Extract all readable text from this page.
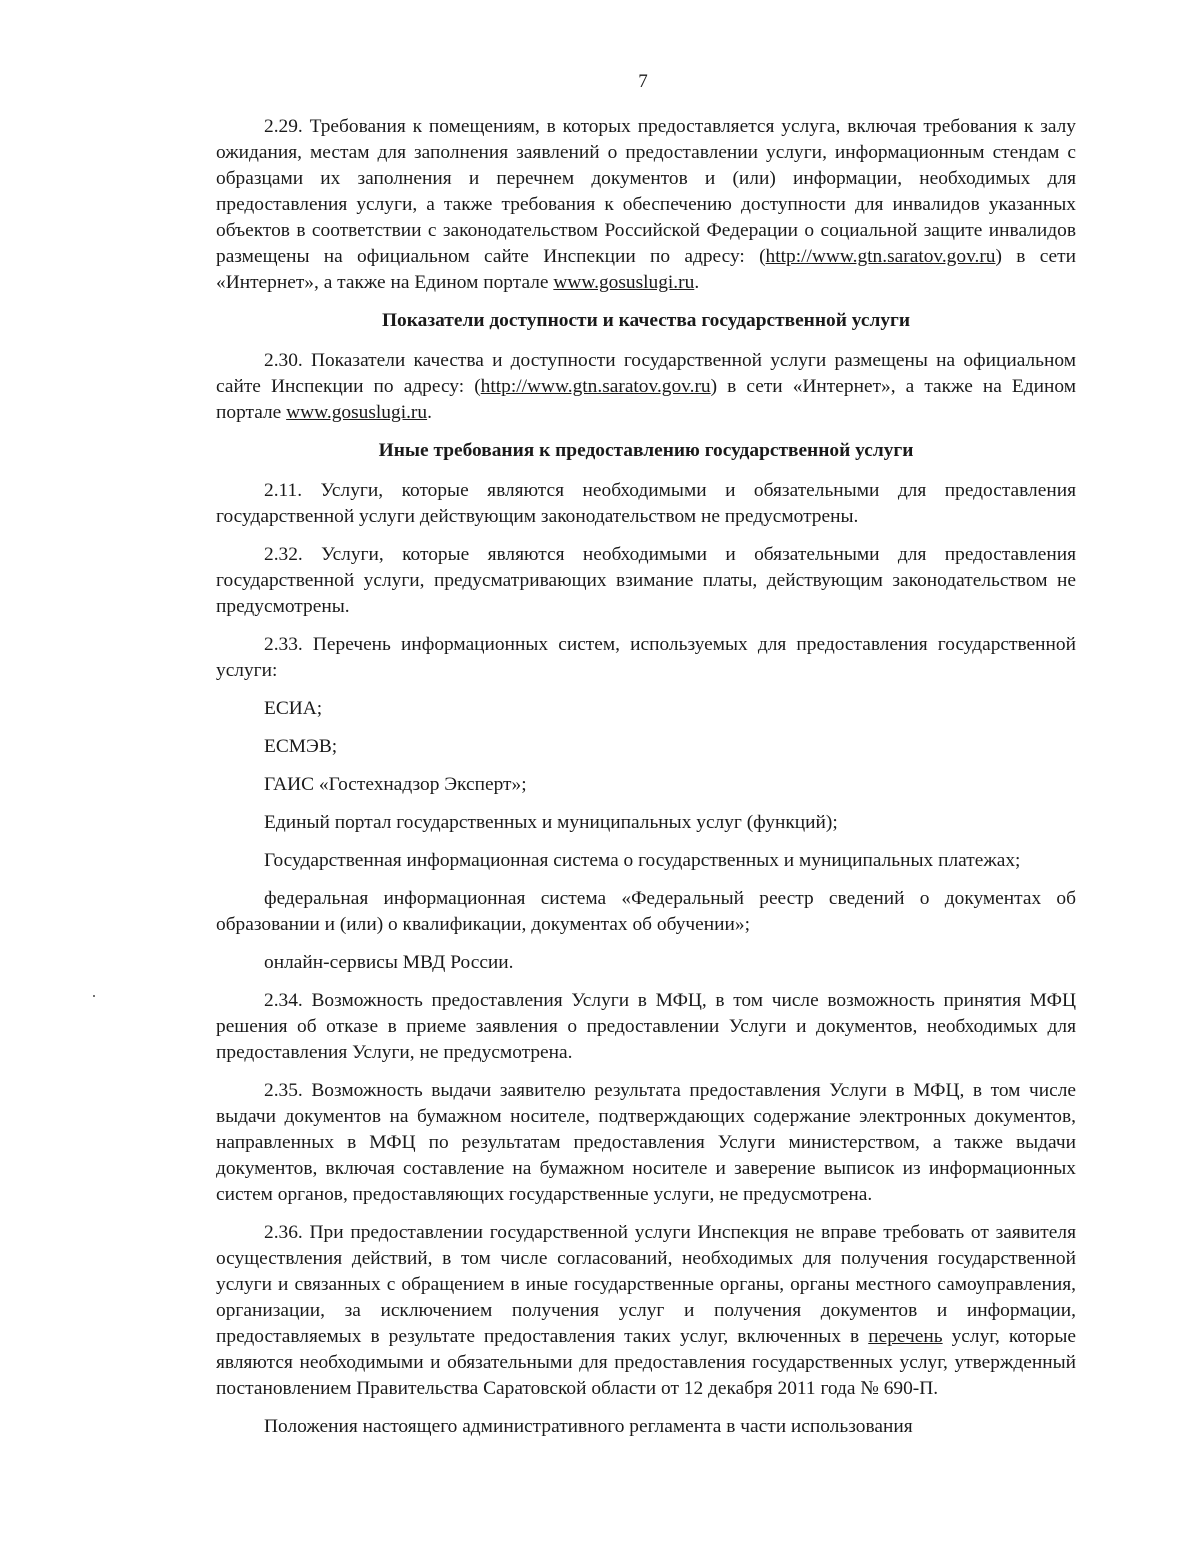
7

2.29. Требования к помещениям, в которых предоставляется услуга, включая требования к залу ожидания, местам для заполнения заявлений о предоставлении услуги, информационным стендам с образцами их заполнения и перечнем документов и (или) информации, необходимых для предоставления услуги, а также требования к обеспечению доступности для инвалидов указанных объектов в соответствии с законодательством Российской Федерации о социальной защите инвалидов размещены на официальном сайте Инспекции по адресу: (http://www.gtn.saratov.gov.ru) в сети «Интернет», а также на Едином портале www.gosuslugi.ru.

Показатели доступности и качества государственной услуги

2.30. Показатели качества и доступности государственной услуги размещены на официальном сайте Инспекции по адресу: (http://www.gtn.saratov.gov.ru) в сети «Интернет», а также на Едином портале www.gosuslugi.ru.

Иные требования к предоставлению государственной услуги

2.11. Услуги, которые являются необходимыми и обязательными для предоставления государственной услуги действующим законодательством не предусмотрены.

2.32. Услуги, которые являются необходимыми и обязательными для предоставления государственной услуги, предусматривающих взимание платы, действующим законодательством не предусмотрены.

2.33. Перечень информационных систем, используемых для предоставления государственной услуги:

ЕСИА;

ЕСМЭВ;

ГАИС «Гостехнадзор Эксперт»;

Единый портал государственных и муниципальных услуг (функций);

Государственная информационная система о государственных и муниципальных платежах;

федеральная информационная система «Федеральный реестр сведений о документах об образовании и (или) о квалификации, документах об обучении»;

онлайн-сервисы МВД России.

2.34. Возможность предоставления Услуги в МФЦ, в том числе возможность принятия МФЦ решения об отказе в приеме заявления о предоставлении Услуги и документов, необходимых для предоставления Услуги, не предусмотрена.

2.35. Возможность выдачи заявителю результата предоставления Услуги в МФЦ, в том числе выдачи документов на бумажном носителе, подтверждающих содержание электронных документов, направленных в МФЦ по результатам предоставления Услуги министерством, а также выдачи документов, включая составление на бумажном носителе и заверение выписок из информационных систем органов, предоставляющих государственные услуги, не предусмотрена.

2.36. При предоставлении государственной услуги Инспекция не вправе требовать от заявителя осуществления действий, в том числе согласований, необходимых для получения государственной услуги и связанных с обращением в иные государственные органы, органы местного самоуправления, организации, за исключением получения услуг и получения документов и информации, предоставляемых в результате предоставления таких услуг, включенных в перечень услуг, которые являются необходимыми и обязательными для предоставления государственных услуг, утвержденный постановлением Правительства Саратовской области от 12 декабря 2011 года № 690-П.

Положения настоящего административного регламента в части использования
